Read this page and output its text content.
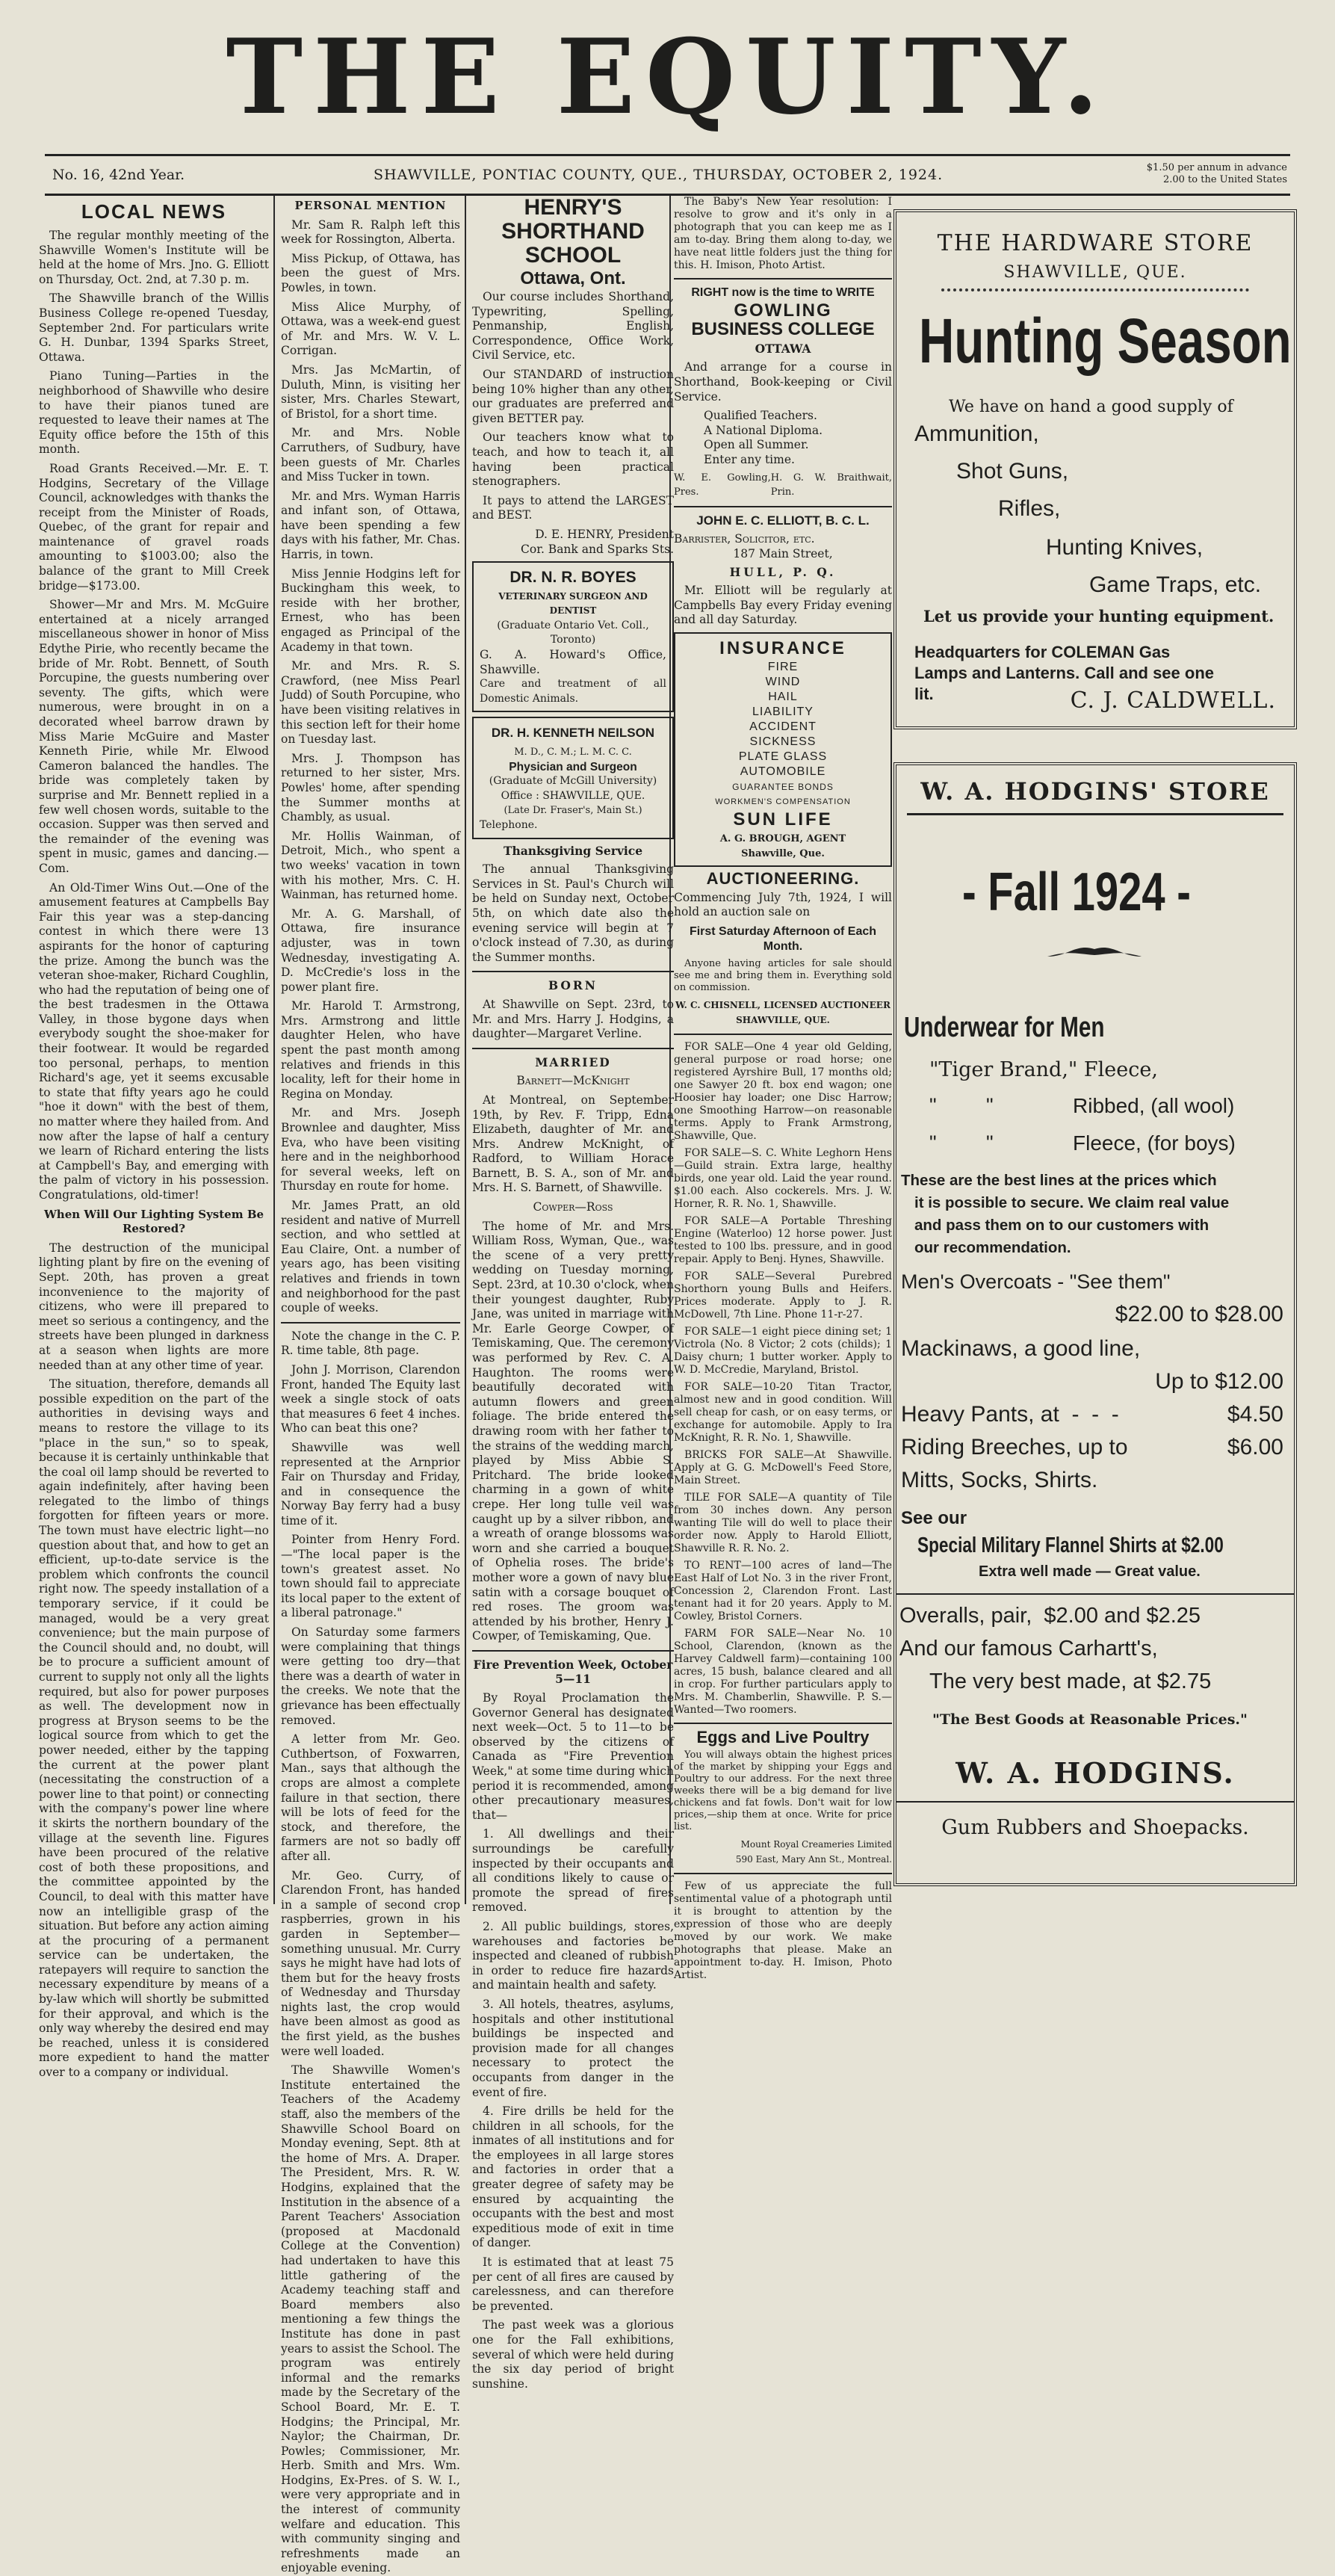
THE EQUITY.
No. 16, 42nd Year.	SHAWVILLE, PONTIAC COUNTY, QUE., THURSDAY, OCTOBER 2, 1924.	$1.50 per annum in advance
2.00 to the United States
LOCAL NEWS

The regular monthly meeting of the Shawville Women's Institute will be held at the home of Mrs. Jno. G. Elliott on Thursday, Oct. 2nd, at 7.30 p. m.

The Shawville branch of the Willis Business College re-opened Tuesday, September 2nd. For particulars write G. H. Dunbar, 1394 Sparks Street, Ottawa.

Piano Tuning—Parties in the neighborhood of Shawville who desire to have their pianos tuned are requested to leave their names at The Equity office before the 15th of this month.

Road Grants Received.—Mr. E. T. Hodgins, Secretary of the Village Council, acknowledges with thanks the receipt from the Minister of Roads, Quebec, of the grant for repair and maintenance of gravel roads amounting to $1003.00; also the balance of the grant to Mill Creek bridge—$173.00.

Shower—Mr and Mrs. M. McGuire entertained at a nicely arranged miscellaneous shower in honor of Miss Edythe Pirie, who recently became the bride of Mr. Robt. Bennett, of South Porcupine, the guests numbering over seventy. The gifts, which were numerous, were brought in on a decorated wheel barrow drawn by Miss Marie McGuire and Master Kenneth Pirie, while Mr. Elwood Cameron balanced the handles. The bride was completely taken by surprise and Mr. Bennett replied in a few well chosen words, suitable to the occasion. Supper was then served and the remainder of the evening was spent in music, games and dancing.—Com.

An Old-Timer Wins Out.—One of the amusement features at Campbells Bay Fair this year was a step-dancing contest in which there were 13 aspirants for the honor of capturing the prize. Among the bunch was the veteran shoe-maker, Richard Coughlin, who had the reputation of being one of the best tradesmen in the Ottawa Valley, in those bygone days when everybody sought the shoe-maker for their footwear. It would be regarded too personal, perhaps, to mention Richard's age, yet it seems excusable to state that fifty years ago he could "hoe it down" with the best of them, no matter where they hailed from. And now after the lapse of half a century we learn of Richard entering the lists at Campbell's Bay, and emerging with the palm of victory in his possession. Congratulations, old-timer!

When Will Our Lighting System Be Restored?

The destruction of the municipal lighting plant by fire on the evening of Sept. 20th, has proven a great inconvenience to the majority of citizens, who were ill prepared to meet so serious a contingency, and the streets have been plunged in darkness at a season when lights are more needed than at any other time of year.

The situation, therefore, demands all possible expedition on the part of the authorities in devising ways and means to restore the village to its "place in the sun," so to speak, because it is certainly unthinkable that the coal oil lamp should be reverted to again indefinitely, after having been relegated to the limbo of things forgotten for fifteen years or more. The town must have electric light—no question about that, and how to get an efficient, up-to-date service is the problem which confronts the council right now. The speedy installation of a temporary service, if it could be managed, would be a very great convenience; but the main purpose of the Council should and, no doubt, will be to procure a sufficient amount of current to supply not only all the lights required, but also for power purposes as well. The development now in progress at Bryson seems to be the logical source from which to get the power needed, either by the tapping the current at the power plant (necessitating the construction of a power line to that point) or connecting with the company's power line where it skirts the northern boundary of the village at the seventh line. Figures have been procured of the relative cost of both these propositions, and the committee appointed by the Council, to deal with this matter have now an intelligible grasp of the situation. But before any action aiming at the procuring of a permanent service can be undertaken, the ratepayers will require to sanction the necessary expenditure by means of a by-law which will shortly be submitted for their approval, and which is the only way whereby the desired end may be reached, unless it is considered more expedient to hand the matter over to a company or individual.

PERSONAL MENTION

Mr. Sam R. Ralph left this week for Rossington, Alberta.

Miss Pickup, of Ottawa, has been the guest of Mrs. Powles, in town.

Miss Alice Murphy, of Ottawa, was a week-end guest of Mr. and Mrs. W. V. L. Corrigan.

Mrs. Jas McMartin, of Duluth, Minn, is visiting her sister, Mrs. Charles Stewart, of Bristol, for a short time.

Mr. and Mrs. Noble Carruthers, of Sudbury, have been guests of Mr. Charles and Miss Tucker in town.

Mr. and Mrs. Wyman Harris and infant son, of Ottawa, have been spending a few days with his father, Mr. Chas. Harris, in town.

Miss Jennie Hodgins left for Buckingham this week, to reside with her brother, Ernest, who has been engaged as Principal of the Academy in that town.

Mr. and Mrs. R. S. Crawford, (nee Miss Pearl Judd) of South Porcupine, who have been visiting relatives in this section left for their home on Tuesday last.

Mrs. J. Thompson has returned to her sister, Mrs. Powles' home, after spending the Summer months at Chambly, as usual.

Mr. Hollis Wainman, of Detroit, Mich., who spent a two weeks' vacation in town with his mother, Mrs. C. H. Wainman, has returned home.

Mr. A. G. Marshall, of Ottawa, fire insurance adjuster, was in town Wednesday, investigating A. D. McCredie's loss in the power plant fire.

Mr. Harold T. Armstrong, Mrs. Armstrong and little daughter Helen, who have spent the past month among relatives and friends in this locality, left for their home in Regina on Monday.

Mr. and Mrs. Joseph Brownlee and daughter, Miss Eva, who have been visiting here and in the neighborhood for several weeks, left on Thursday en route for home.

Mr. James Pratt, an old resident and native of Murrell section, and who settled at Eau Claire, Ont. a number of years ago, has been visiting relatives and friends in town and neighborhood for the past couple of weeks.

Note the change in the C. P. R. time table, 8th page.

John J. Morrison, Clarendon Front, handed The Equity last week a single stock of oats that measures 6 feet 4 inches. Who can beat this one?

Shawville was well represented at the Arnprior Fair on Thursday and Friday, and in consequence the Norway Bay ferry had a busy time of it.

Pointer from Henry Ford.—"The local paper is the town's greatest asset. No town should fail to appreciate its local paper to the extent of a liberal patronage."

On Saturday some farmers were complaining that things were getting too dry—that there was a dearth of water in the creeks. We note that the grievance has been effectually removed.

A letter from Mr. Geo. Cuthbertson, of Foxwarren, Man., says that although the crops are almost a complete failure in that section, there will be lots of feed for the stock, and therefore, the farmers are not so badly off after all.

Mr. Geo. Curry, of Clarendon Front, has handed in a sample of second crop raspberries, grown in his garden in September—something unusual. Mr. Curry says he might have had lots of them but for the heavy frosts of Wednesday and Thursday nights last, the crop would have been almost as good as the first yield, as the bushes were well loaded.

The Shawville Women's Institute entertained the Teachers of the Academy staff, also the members of the Shawville School Board on Monday evening, Sept. 8th at the home of Mrs. A. Draper. The President, Mrs. R. W. Hodgins, explained that the Institution in the absence of a Parent Teachers' Association (proposed at Macdonald College at the Convention) had undertaken to have this little gathering of the Academy teaching staff and Board members also mentioning a few things the Institute has done in past years to assist the School. The program was entirely informal and the remarks made by the Secretary of the School Board, Mr. E. T. Hodgins; the Principal, Mr. Naylor; the Chairman, Dr. Powles; Commissioner, Mr. Herb. Smith and Mrs. Wm. Hodgins, Ex-Pres. of S. W. I., were very appropriate and in the interest of community welfare and education. This with community singing and refreshments made an enjoyable evening.

HENRY'S
SHORTHAND SCHOOL
Ottawa, Ont.

Our course includes Shorthand, Typewriting, Spelling, Penmanship, English, Correspondence, Office Work, Civil Service, etc.

Our STANDARD of instruction being 10% higher than any other, our graduates are preferred and given BETTER pay.

Our teachers know what to teach, and how to teach it, all having been practical stenographers.

It pays to attend the LARGEST and BEST.

D. E. HENRY, President
Cor. Bank and Sparks Sts.
DR. N. R. BOYES
VETERINARY SURGEON AND DENTIST
(Graduate Ontario Vet. Coll., Toronto)
G. A. Howard's Office, Shawville.
Care and treatment of all Domestic Animals.
DR. H. KENNETH NEILSON
M. D., C. M.; L. M. C. C.
Physician and Surgeon
(Graduate of McGill University)
Office : SHAWVILLE, QUE.
(Late Dr. Fraser's, Main St.)
Telephone.
Thanksgiving Service

The annual Thanksgiving Services in St. Paul's Church will be held on Sunday next, October 5th, on which date also the evening service will begin at 7 o'clock instead of 7.30, as during the Summer months.

BORN

At Shawville on Sept. 23rd, to Mr. and Mrs. Harry J. Hodgins, a daughter—Margaret Verline.

MARRIED
Barnett—McKnight

At Montreal, on September 19th, by Rev. F. Tripp, Edna Elizabeth, daughter of Mr. and Mrs. Andrew McKnight, of Radford, to William Horace Barnett, B. S. A., son of Mr. and Mrs. H. S. Barnett, of Shawville.

Cowper—Ross

The home of Mr. and Mrs. William Ross, Wyman, Que., was the scene of a very pretty wedding on Tuesday morning, Sept. 23rd, at 10.30 o'clock, when their youngest daughter, Ruby Jane, was united in marriage with Mr. Earle George Cowper, of Temiskaming, Que. The ceremony was performed by Rev. C. A. Haughton. The rooms were beautifully decorated with autumn flowers and green foliage. The bride entered the drawing room with her father to the strains of the wedding march, played by Miss Abbie S. Pritchard. The bride looked charming in a gown of white crepe. Her long tulle veil was caught up by a silver ribbon, and a wreath of orange blossoms was worn and she carried a bouquet of Ophelia roses. The bride's mother wore a gown of navy blue satin with a corsage bouquet of red roses. The groom was attended by his brother, Henry J. Cowper, of Temiskaming, Que.

Fire Prevention Week, October 5—11

By Royal Proclamation the Governor General has designated next week—Oct. 5 to 11—to be observed by the citizens of Canada as "Fire Prevention Week," at some time during which period it is recommended, among other precautionary measures, that—

1. All dwellings and their surroundings be carefully inspected by their occupants and all conditions likely to cause or promote the spread of fires removed.

2. All public buildings, stores, warehouses and factories be inspected and cleaned of rubbish in order to reduce fire hazards and maintain health and safety.

3. All hotels, theatres, asylums, hospitals and other institutional buildings be inspected and provision made for all changes necessary to protect the occupants from danger in the event of fire.

4. Fire drills be held for the children in all schools, for the inmates of all institutions and for the employees in all large stores and factories in order that a greater degree of safety may be ensured by acquainting the occupants with the best and most expeditious mode of exit in time of danger.

It is estimated that at least 75 per cent of all fires are caused by carelessness, and can therefore be prevented.

The past week was a glorious one for the Fall exhibitions, several of which were held during the six day period of bright sunshine.

The Baby's New Year resolution: I resolve to grow and it's only in a photograph that you can keep me as I am to-day. Bring them along to-day, we have neat little folders just the thing for this. H. Imison, Photo Artist.

RIGHT now is the time to WRITE
GOWLING
BUSINESS COLLEGE
OTTAWA

And arrange for a course in Shorthand, Book-keeping or Civil Service.

Qualified Teachers.
A National Diploma.
Open all Summer.
Enter any time.
W. E. Gowling, Pres.
H. G. W. Braithwait, Prin.
JOHN E. C. ELLIOTT, B. C. L.
Barrister, Solicitor, etc.
187 Main Street,
HULL, P. Q.

Mr. Elliott will be regularly at Campbells Bay every Friday evening and all day Saturday.

INSURANCE
FIRE
WIND
HAIL
LIABILITY
ACCIDENT
SICKNESS
PLATE GLASS
AUTOMOBILE
GUARANTEE BONDS
WORKMEN'S COMPENSATION
SUN LIFE
A. G. BROUGH, AGENT
Shawville, Que.
AUCTIONEERING.

Commencing July 7th, 1924, I will hold an auction sale on

First Saturday Afternoon of Each Month.

Anyone having articles for sale should see me and bring them in. Everything sold on commission.

W. C. CHISNELL, LICENSED AUCTIONEER SHAWVILLE, QUE.

FOR SALE—One 4 year old Gelding, general purpose or road horse; one registered Ayrshire Bull, 17 months old; one Sawyer 20 ft. box end wagon; one Hoosier hay loader; one Disc Harrow; one Smoothing Harrow—on reasonable terms. Apply to Frank Armstrong, Shawville, Que.

FOR SALE—S. C. White Leghorn Hens—Guild strain. Extra large, healthy birds, one year old. Laid the year round. $1.00 each. Also cockerels. Mrs. J. W. Horner, R. R. No. 1, Shawville.

FOR SALE—A Portable Threshing Engine (Waterloo) 12 horse power. Just tested to 100 lbs. pressure, and in good repair. Apply to Benj. Hynes, Shawville.

FOR SALE—Several Purebred Shorthorn young Bulls and Heifers. Prices moderate. Apply to J. R. McDowell, 7th Line. Phone 11-r-27.

FOR SALE—1 eight piece dining set; 1 Victrola (No. 8 Victor; 2 cots (childs); 1 Daisy churn; 1 butter worker. Apply to W. D. McCredie, Maryland, Bristol.

FOR SALE—10-20 Titan Tractor, almost new and in good condition. Will sell cheap for cash, or on easy terms, or exchange for automobile. Apply to Ira McKnight, R. R. No. 1, Shawville.

BRICKS FOR SALE—At Shawville. Apply at G. G. McDowell's Feed Store, Main Street.

TILE FOR SALE—A quantity of Tile from 30 inches down. Any person wanting Tile will do well to place their order now. Apply to Harold Elliott, Shawville R. R. No. 2.

TO RENT—100 acres of land—The East Half of Lot No. 3 in the river Front, Concession 2, Clarendon Front. Last tenant had it for 20 years. Apply to M. Cowley, Bristol Corners.

FARM FOR SALE—Near No. 10 School, Clarendon, (known as the Harvey Caldwell farm)—containing 100 acres, 15 bush, balance cleared and all in crop. For further particulars apply to Mrs. M. Chamberlin, Shawville. P. S.—Wanted—Two roomers.

Eggs and Live Poultry

You will always obtain the highest prices of the market by shipping your Eggs and Poultry to our address. For the next three weeks there will be a big demand for live chickens and fat fowls. Don't wait for low prices,—ship them at once. Write for price list.

Mount Royal Creameries Limited
590 East, Mary Ann St., Montreal.

Few of us appreciate the full sentimental value of a photograph until it is brought to attention by the expression of those who are deeply moved by our work. We make photographs that please. Make an appointment to-day. H. Imison, Photo Artist.

THE HARDWARE STORE
SHAWVILLE, QUE.
Hunting Season
We have on hand a good supply of
Ammunition,
Shot Guns,
Rifles,
Hunting Knives,
Game Traps, etc.
Let us provide your hunting equipment.
Headquarters for COLEMAN Gas
Lamps and Lanterns. Call and see one
lit.	C. J. CALDWELL.
W. A. HODGINS' STORE
- Fall 1924 -
Underwear for Men
"Tiger Brand," Fleece,
" "	Ribbed, (all wool)
" "	Fleece, (for boys)
These are the best lines at the prices which
it is possible to secure. We claim real value
and pass them on to our customers with
our recommendation.
Men's Overcoats - "See them"
$22.00 to $28.00
Mackinaws, a good line,
Up to $12.00
Heavy Pants, at  -  -  -	$4.50
Riding Breeches, up to	$6.00
Mitts, Socks, Shirts.
See our
Special Military Flannel Shirts at $2.00
Extra well made — Great value.
Overalls, pair,  $2.00 and $2.25
And our famous Carhartt's,
The very best made, at $2.75
"The Best Goods at Reasonable Prices."
W. A. HODGINS.
Gum Rubbers and Shoepacks.
